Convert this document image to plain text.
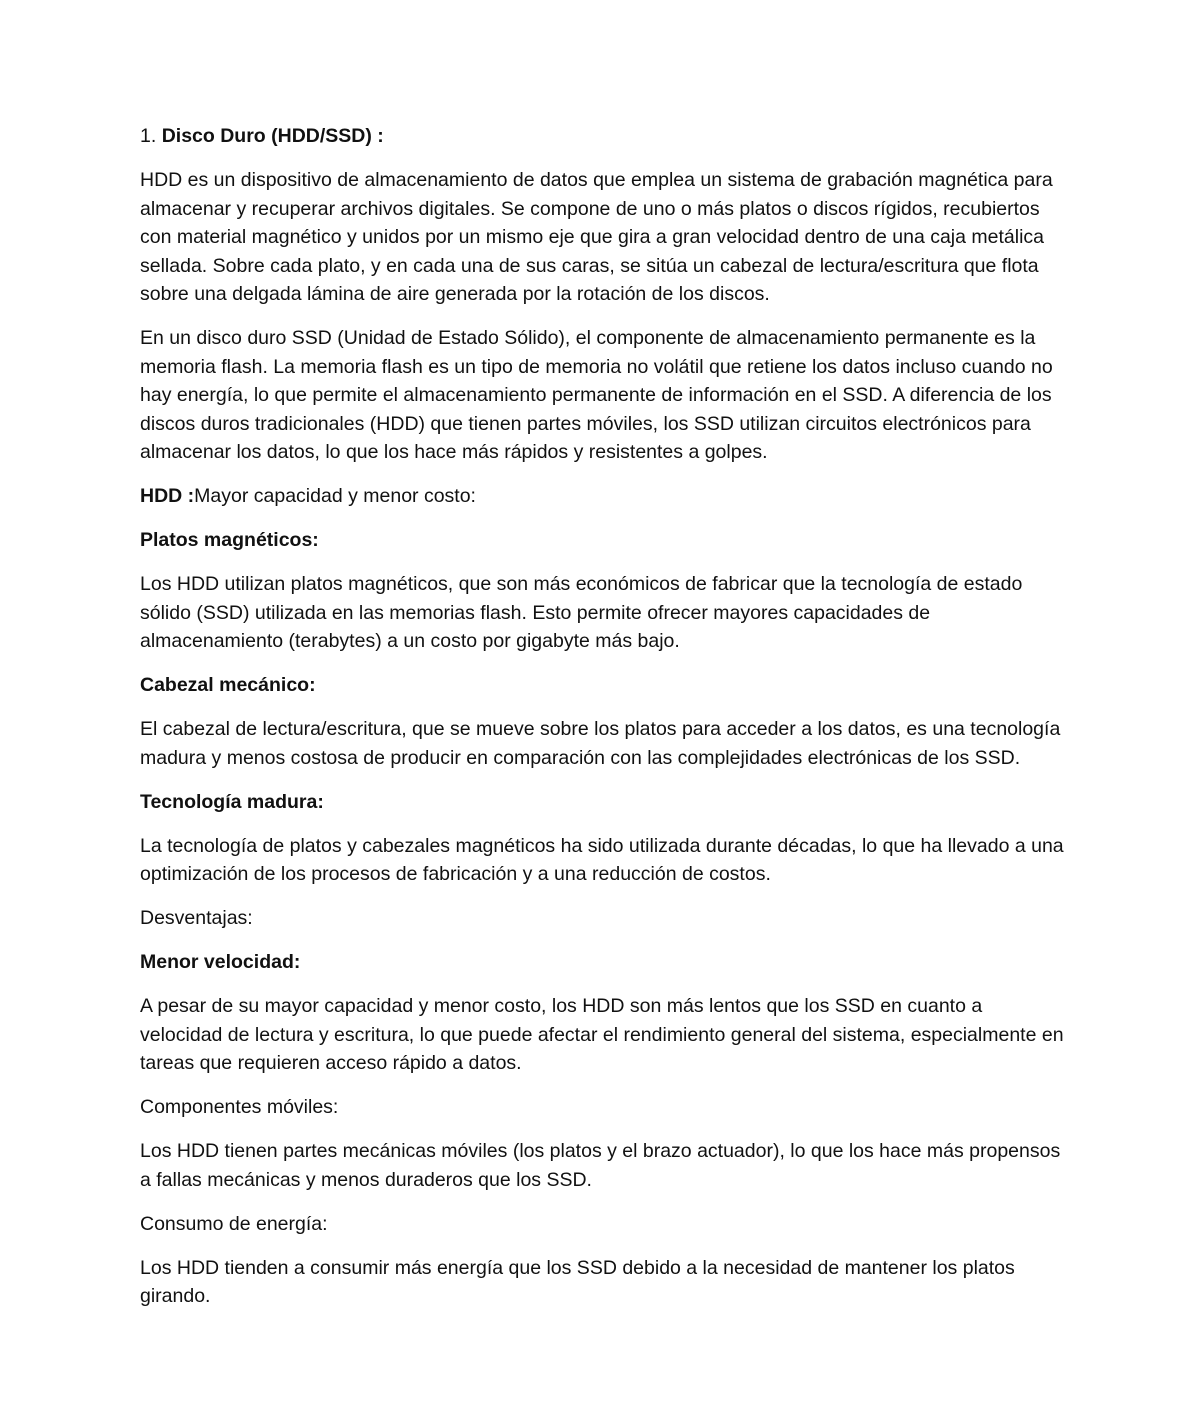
1. Disco Duro (HDD/SSD) :

HDD es un dispositivo de almacenamiento de datos que emplea un sistema de grabación magnética para almacenar y recuperar archivos digitales. Se compone de uno o más platos o discos rígidos, recubiertos con material magnético y unidos por un mismo eje que gira a gran velocidad dentro de una caja metálica sellada. Sobre cada plato, y en cada una de sus caras, se sitúa un cabezal de lectura/escritura que flota sobre una delgada lámina de aire generada por la rotación de los discos.

En un disco duro SSD (Unidad de Estado Sólido), el componente de almacenamiento permanente es la memoria flash. La memoria flash es un tipo de memoria no volátil que retiene los datos incluso cuando no hay energía, lo que permite el almacenamiento permanente de información en el SSD. A diferencia de los discos duros tradicionales (HDD) que tienen partes móviles, los SSD utilizan circuitos electrónicos para almacenar los datos, lo que los hace más rápidos y resistentes a golpes.

HDD :Mayor capacidad y menor costo:

Platos magnéticos:

Los HDD utilizan platos magnéticos, que son más económicos de fabricar que la tecnología de estado sólido (SSD) utilizada en las memorias flash. Esto permite ofrecer mayores capacidades de almacenamiento (terabytes) a un costo por gigabyte más bajo.

Cabezal mecánico:

El cabezal de lectura/escritura, que se mueve sobre los platos para acceder a los datos, es una tecnología madura y menos costosa de producir en comparación con las complejidades electrónicas de los SSD.

Tecnología madura:

La tecnología de platos y cabezales magnéticos ha sido utilizada durante décadas, lo que ha llevado a una optimización de los procesos de fabricación y a una reducción de costos.

Desventajas:

Menor velocidad:

A pesar de su mayor capacidad y menor costo, los HDD son más lentos que los SSD en cuanto a velocidad de lectura y escritura, lo que puede afectar el rendimiento general del sistema, especialmente en tareas que requieren acceso rápido a datos.

Componentes móviles:

Los HDD tienen partes mecánicas móviles (los platos y el brazo actuador), lo que los hace más propensos a fallas mecánicas y menos duraderos que los SSD.

Consumo de energía:

Los HDD tienden a consumir más energía que los SSD debido a la necesidad de mantener los platos girando.
